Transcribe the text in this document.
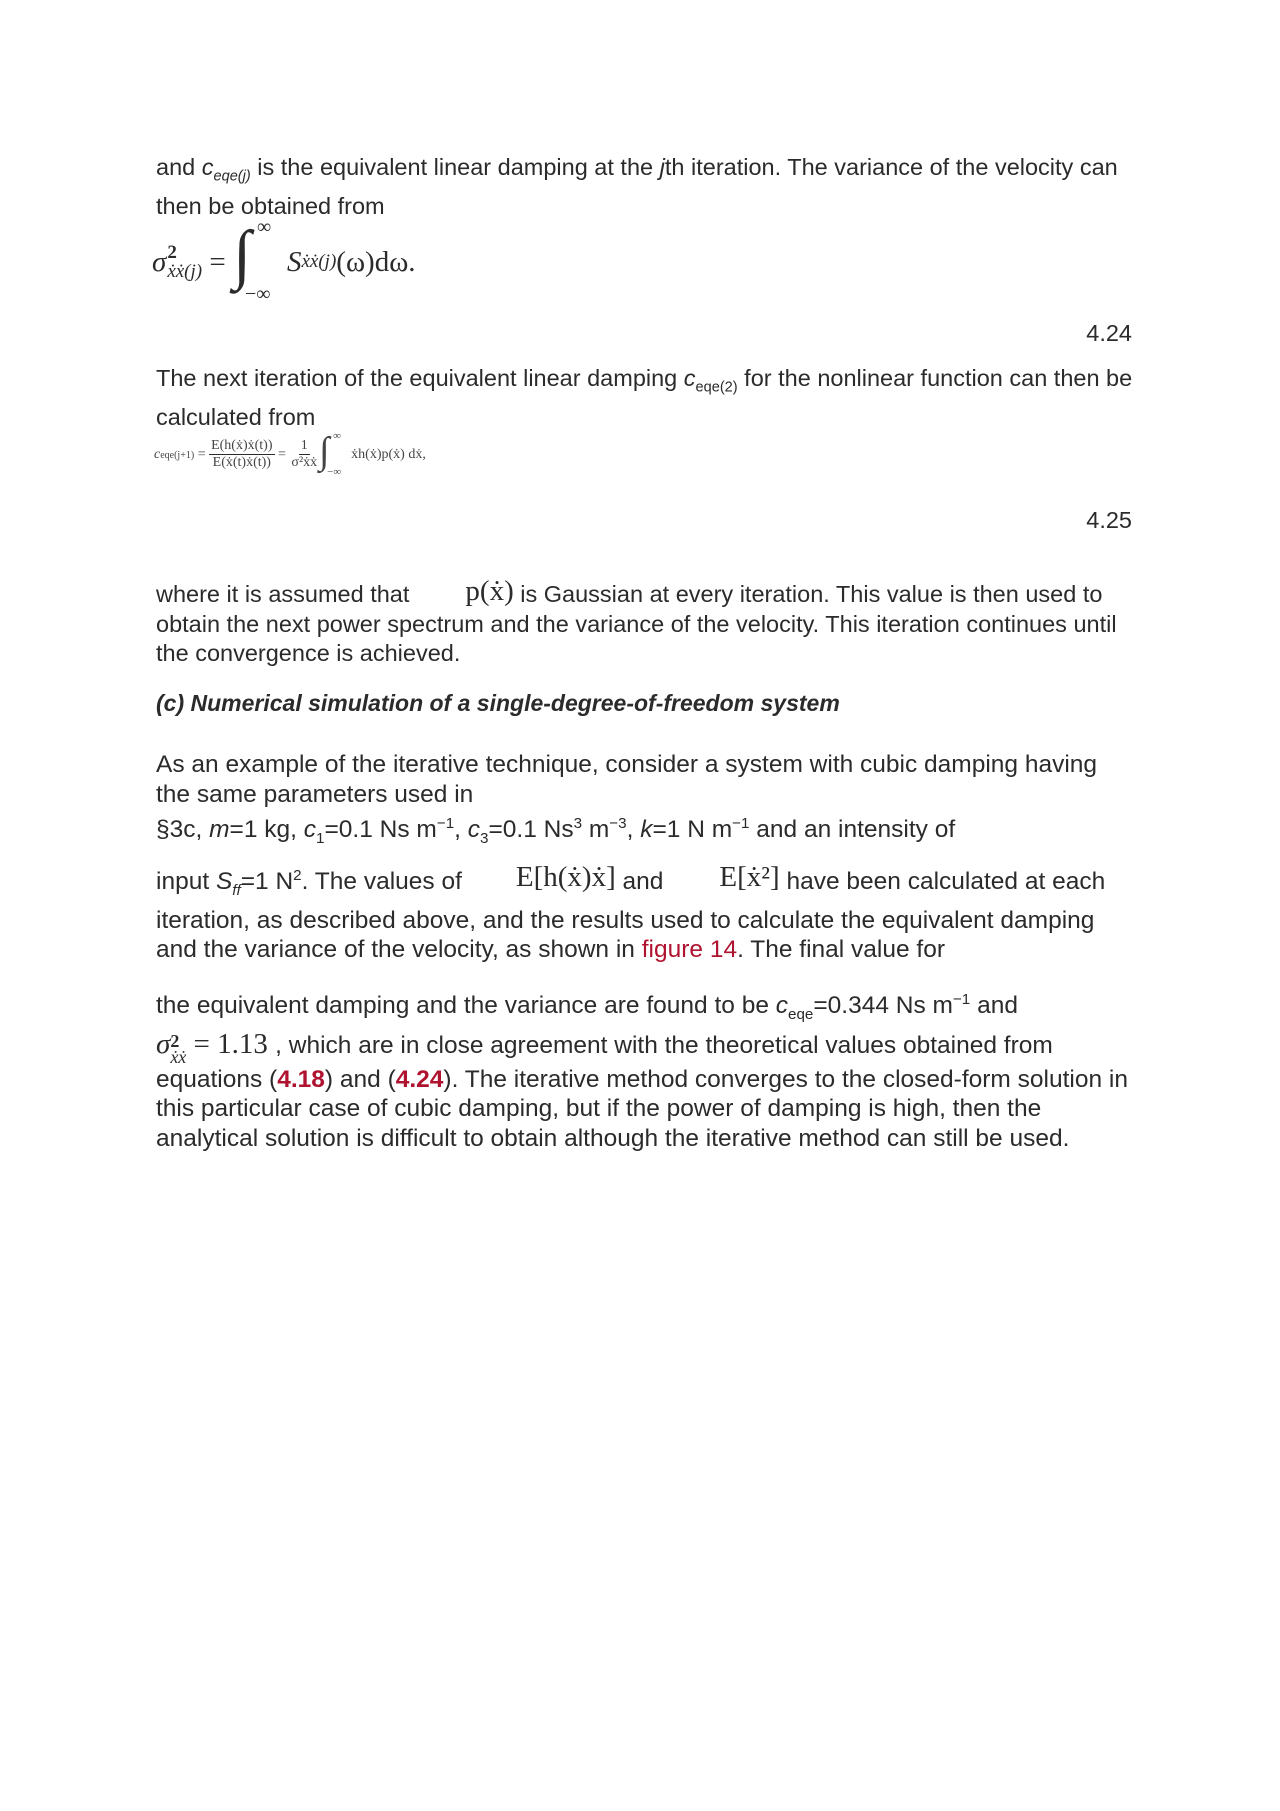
and $c_{eqe(j)}$ is the equivalent linear damping at the jth iteration. The variance of the velocity can then be obtained from

σ 2
ẋẋ(j) = ∫ ∞
−∞
S ẋẋ(j) (ω)dω.
4.24

The next iteration of the equivalent linear damping $c_{eqe(2)}$ for the nonlinear function can then be calculated from

c $eqe(j+1) = \frac{\text{E(h(ẋ)ẋ(t))}}{\text{E(ẋ(t)ẋ(t))}} = \frac{1}{\text{σ²ẋẋ}}$ ∫ ∞
−∞
ẋh(ẋ)p(ẋ) dẋ,
4.25

where it is assumed that p(ẋ) is Gaussian at every iteration. This value is then used to obtain the next power spectrum and the variance of the velocity. This iteration continues until the convergence is achieved.

(c) Numerical simulation of a single-degree-of-freedom system

As an example of the iterative technique, consider a system with cubic damping having the same parameters used in
§3c, m=1 kg, $c_1=0.1$ Ns $m^{-1}$, $c_3=0.1$ Ns$^3$ $m^{-3}$, k=1 N $m^{-1}$ and an intensity of

input $S_{ff}=1$ $N^2$. The values of E[h(ẋ)ẋ] and E[ẋ²] have been calculated at each iteration, as described above, and the results used to calculate the equivalent damping and the variance of the velocity, as shown in figure 14. The final value for

the equivalent damping and the variance are found to be $c_{eqe}=0.344$ Ns $m^{-1}$ and
σ 2
ẋẋ = 1.13 , which are in close agreement with the theoretical values obtained from equations (4.18) and (4.24). The iterative method converges to the closed-form solution in this particular case of cubic damping, but if the power of damping is high, then the analytical solution is difficult to obtain although the iterative method can still be used.
